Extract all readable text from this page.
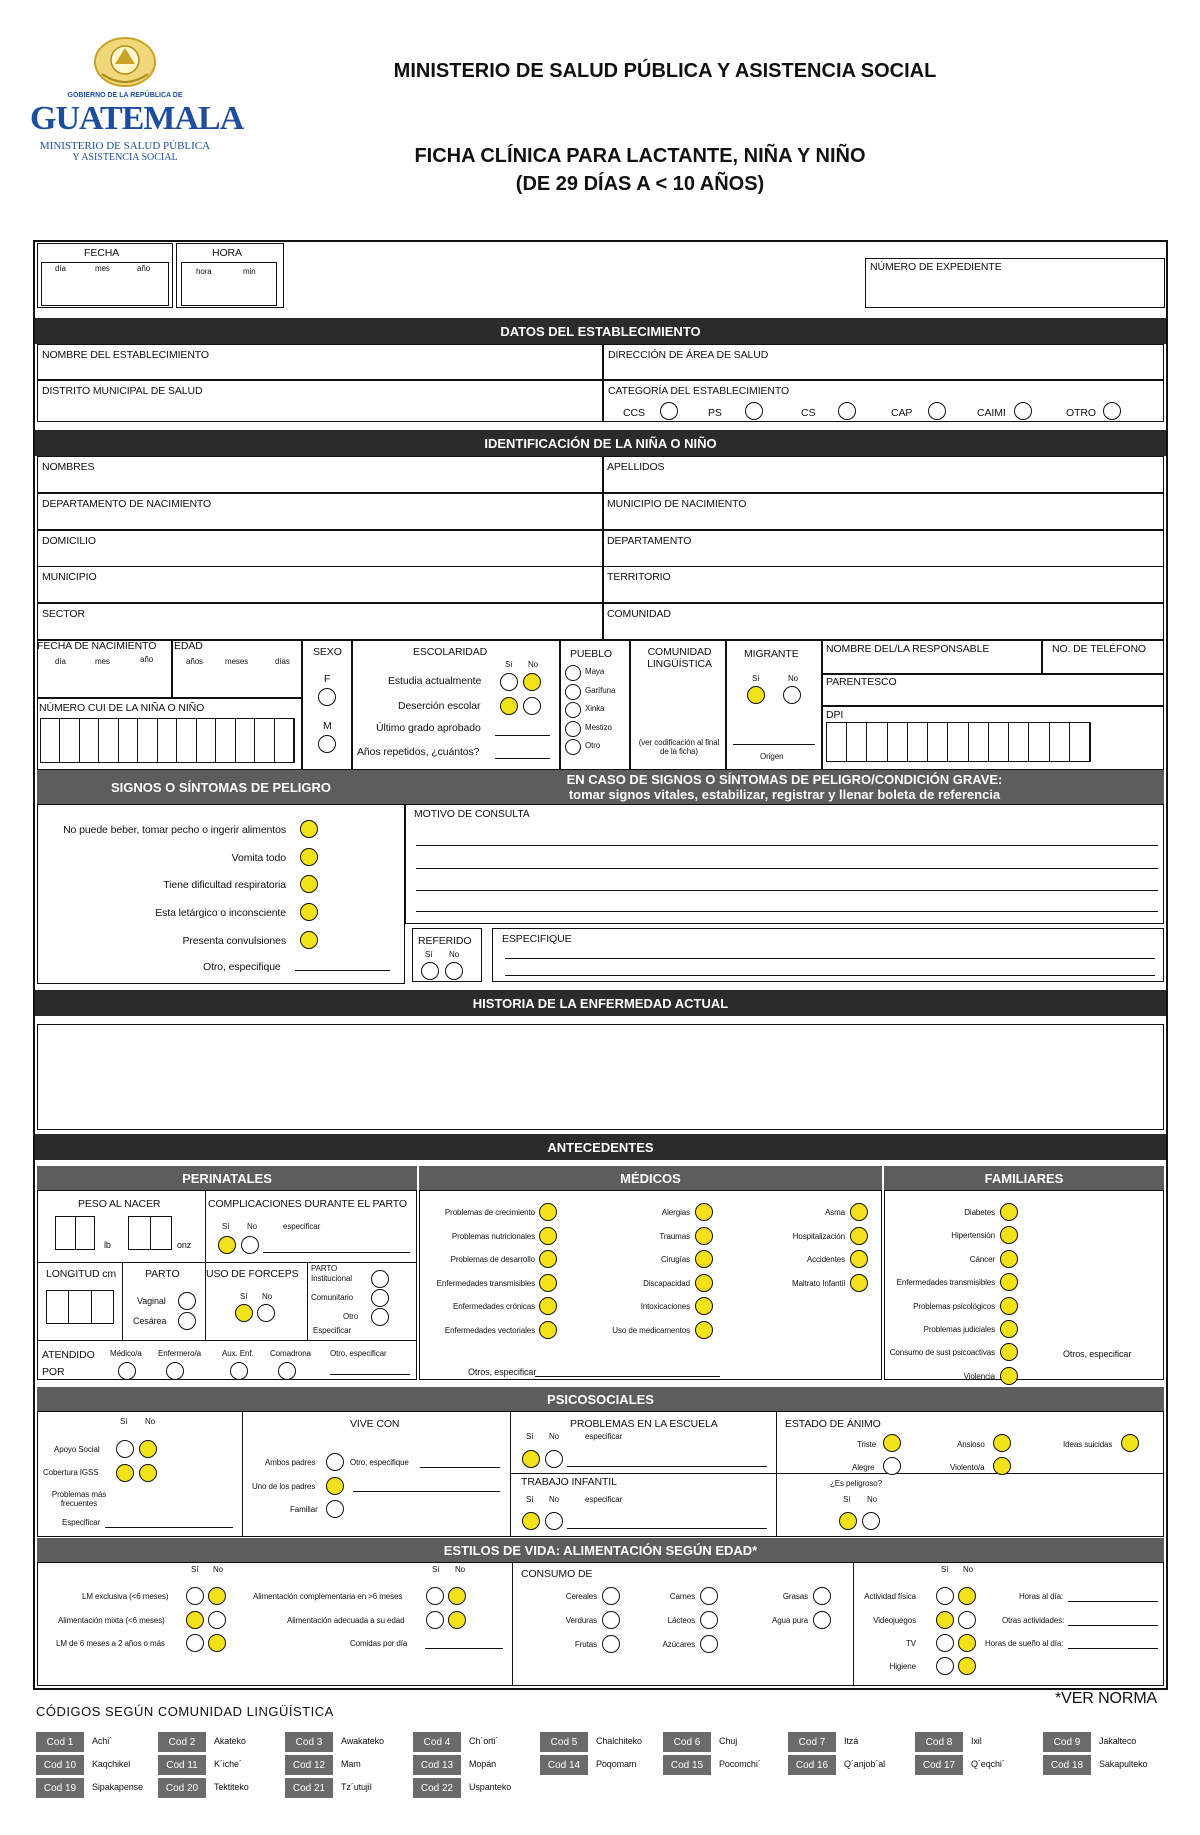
GOBIERNO DE LA REPÚBLICA DE
GUATEMALA
MINISTERIO DE SALUD PÚBLICA
Y ASISTENCIA SOCIAL
MINISTERIO DE SALUD PÚBLICA Y ASISTENCIA SOCIAL
FICHA CLÍNICA PARA LACTANTE, NIÑA Y NIÑO
(DE 29 DÍAS A < 10 AÑOS)
FECHA
día	mes	año
HORA
hora	min	NÚMERO DE EXPEDIENTE
DATOS DEL ESTABLECIMIENTO
NOMBRE DEL ESTABLECIMIENTO	DIRECCIÓN DE ÁREA DE SALUD
DISTRITO MUNICIPAL DE SALUD	CATEGORÍA DEL ESTABLECIMIENTO
IDENTIFICACIÓN DE LA NIÑA O NIÑO
FECHA DE NACIMIENTO
día	mes	año
EDAD
años	meses	días
NÚMERO CUI DE LA NIÑA O NIÑO
SEXO
F
M
ESCOLARIDAD
Sí No
Estudia actualmente
Deserción escolar
Último grado aprobado
Años repetidos, ¿cuántos?
PUEBLO	COMUNIDAD LINGÜÍSTICA
(ver codificación al final de la ficha)
MIGRANTE
Sí	No
Origen
NOMBRE DEL/LA RESPONSABLE	NO. DE TELÉFONO
PARENTESCO
DPI
SIGNOS O SÍNTOMAS DE PELIGRO	EN CASO DE SIGNOS O SÍNTOMAS DE PELIGRO/CONDICIÓN GRAVE:
tomar signos vitales, estabilizar, registrar y llenar boleta de referencia
Otro, especifique
MOTIVO DE CONSULTA
REFERIDO
Sí No
ESPECIFIQUE
HISTORIA DE LA ENFERMEDAD ACTUAL
ANTECEDENTES
PERINATALES	MÉDICOS	FAMILIARES
PESO AL NACER
lb	onz
COMPLICACIONES DURANTE EL PARTO
Sí No	especificar
LONGITUD cm	PARTO
Vaginal
Cesárea
USO DE FORCEPS
Sí No
PARTO
Institucional
Comunitario
Otro
Especificar
ATENDIDO
POR	Otros, especificar
Otros, especificar
PSICOSOCIALES
Sí No
Apoyo Social
Cobertura IGSS
Problemas más frecuentes
Especificar
VIVE CON
Ambos padres	Otro, especifique
Uno de los padres
Familiar
PROBLEMAS EN LA ESCUELA
Sí No	especificar
TRABAJO INFANTIL
Sí No	especificar
ESTADO DE ÁNIMO
Triste	Ansioso	Ideas suicidas
Alegre	Violento/a
¿Es peligroso?
Sí No
ESTILOS DE VIDA: ALIMENTACIÓN SEGÚN EDAD*
Sí No
LM exclusiva (<6 meses)
Alimentación mixta (<6 meses)
LM de 6 meses a 2 años o más
Sí No
Alimentación complementaria en >6 meses
Alimentación adecuada a su edad
Comidas por día
CONSUMO DE	Sí No
Horas al día:
Otras actividades:
Horas de sueño al día:
*VER NORMA
CÓDIGOS SEGÚN COMUNIDAD LINGÜÍSTICA
CCS	PS	CS	CAP	CAIMI	OTRO
NOMBRES	APELLIDOS
DEPARTAMENTO DE NACIMIENTO	MUNICIPIO DE NACIMIENTO
DOMICILIO	DEPARTAMENTO
MUNICIPIO	TERRITORIO
SECTOR	COMUNIDAD
Maya
Garífuna
Xinka
Mestizo
Otro
No puede beber, tomar pecho o ingerir alimentos
Vomita todo
Tiene dificultad respiratoria
Esta letárgico o inconsciente
Presenta convulsiones
Médico/a Enfermero/a	Aux. Enf. Comadrona Otro, especificar
Problemas de crecimiento
Problemas nutricionales
Problemas de desarrollo
Enfermedades transmisibles
Enfermedades crónicas
Enfermedades vectoriales
Alergias
Traumas
Cirugías
Discapacidad
Intoxicaciones
Uso de medicamentos
Asma
Hospitalización
Accidentes
Maltrato Infantil
Diabetes
Hipertensión
Cáncer
Enfermedades transmisibles
Problemas psicológicos
Problemas judiciales
Consumo de sust psicoactivas
Violencia
Cereales
Verduras
Frutas
Carnes
Lácteos
Azúcares
Grasas
Agua pura
Actividad física
Videojuegos
TV
Higiene
Cod 1	Achi´	Cod 2	Akateko	Cod 3	Awakateko	Cod 4	Ch´orti´	Cod 5	Chalchiteko	Cod 6	Chuj	Cod 7	Itzá	Cod 8	Ixil	Cod 9	Jakalteco
Cod 10	Kaqchikel	Cod 11	K´iche´	Cod 12	Mam	Cod 13	Mopán	Cod 14	Poqomam	Cod 15	Pocomchi´	Cod 16	Q´anjob´al	Cod 17	Q´eqchi´	Cod 18	Sakapulteko
Cod 19	Sipakapense	Cod 20	Tektiteko	Cod 21	Tz´utujil	Cod 22	Uspanteko
